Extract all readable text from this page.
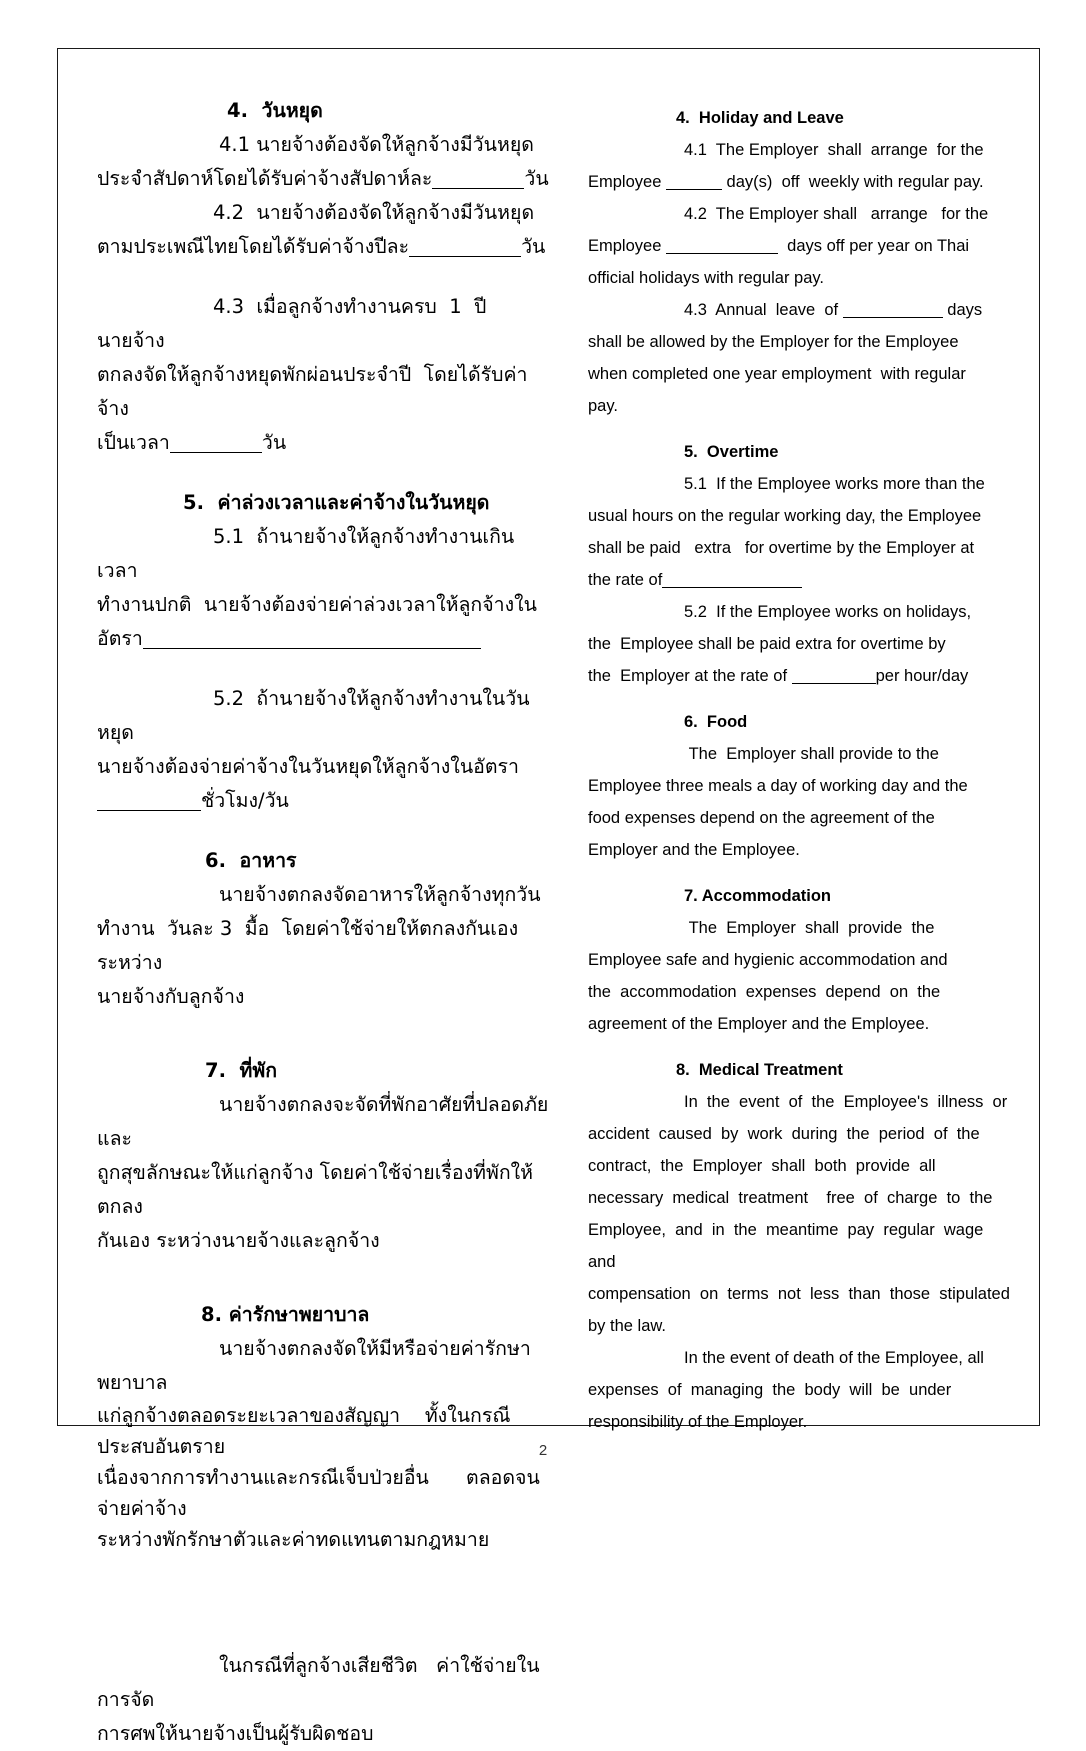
4.  วันหยุด
4.1 นายจ้างต้องจัดให้ลูกจ้างมีวันหยุด
ประจำสัปดาห์โดยได้รับค่าจ้างสัปดาห์ละ	วัน
4.2  นายจ้างต้องจัดให้ลูกจ้างมีวันหยุด
ตามประเพณีไทยโดยได้รับค่าจ้างปีละ	วัน
4.3  เมื่อลูกจ้างทำงานครบ  1  ปี  นายจ้าง
ตกลงจัดให้ลูกจ้างหยุดพักผ่อนประจำปี  โดยได้รับค่าจ้าง
เป็นเวลา	วัน
5.  ค่าล่วงเวลาและค่าจ้างในวันหยุด
5.1  ถ้านายจ้างให้ลูกจ้างทำงานเกินเวลา
ทำงานปกติ  นายจ้างต้องจ่ายค่าล่วงเวลาให้ลูกจ้างใน
อัตรา
5.2  ถ้านายจ้างให้ลูกจ้างทำงานในวันหยุด
นายจ้างต้องจ่ายค่าจ้างในวันหยุดให้ลูกจ้างในอัตรา
ชั่วโมง/วัน
6.  อาหาร
นายจ้างตกลงจัดอาหารให้ลูกจ้างทุกวัน
ทำงาน  วันละ 3  มื้อ  โดยค่าใช้จ่ายให้ตกลงกันเองระหว่าง
นายจ้างกับลูกจ้าง
7.  ที่พัก
นายจ้างตกลงจะจัดที่พักอาศัยที่ปลอดภัย และ
ถูกสุขลักษณะให้แก่ลูกจ้าง โดยค่าใช้จ่ายเรื่องที่พักให้ตกลง
กันเอง ระหว่างนายจ้างและลูกจ้าง
8. ค่ารักษาพยาบาล
นายจ้างตกลงจัดให้มีหรือจ่ายค่ารักษาพยาบาล
แก่ลูกจ้างตลอดระยะเวลาของสัญญา    ทั้งในกรณีประสบอันตราย
เนื่องจากการทำงานและกรณีเจ็บป่วยอื่น      ตลอดจนจ่ายค่าจ้าง
ระหว่างพักรักษาตัวและค่าทดแทนตามกฎหมาย
ในกรณีที่ลูกจ้างเสียชีวิต   ค่าใช้จ่ายในการจัด
การศพให้นายจ้างเป็นผู้รับผิดชอบ
4.  Holiday and Leave
4.1  The Employer  shall  arrange  for the
Employee	day(s)  off  weekly with regular pay.
4.2  The Employer shall   arrange   for the
Employee	days off per year on Thai
official holidays with regular pay.
4.3  Annual  leave  of	days
shall be allowed by the Employer for the Employee
when completed one year employment  with regular
pay.
5.  Overtime
5.1  If the Employee works more than the
usual hours on the regular working day, the Employee
shall be paid   extra   for overtime by the Employer at
the rate of
5.2  If the Employee works on holidays,
the  Employee shall be paid extra for overtime by
the  Employer at the rate of	per hour/day
6.  Food
The  Employer shall provide to the
Employee three meals a day of working day and the
food expenses depend on the agreement of the
Employer and the Employee.
7. Accommodation
The  Employer  shall  provide  the
Employee safe and hygienic accommodation and
the  accommodation  expenses  depend  on  the
agreement of the Employer and the Employee.
8.  Medical Treatment
In  the  event  of  the  Employee's  illness  or
accident  caused  by  work  during  the  period  of  the
contract,  the  Employer  shall  both  provide  all
necessary  medical  treatment    free  of  charge  to  the
Employee,  and  in  the  meantime  pay  regular  wage  and
compensation  on  terms  not  less  than  those  stipulated
by the law.
In the event of death of the Employee, all
expenses  of  managing  the  body  will  be  under
responsibility of the Employer.
2
